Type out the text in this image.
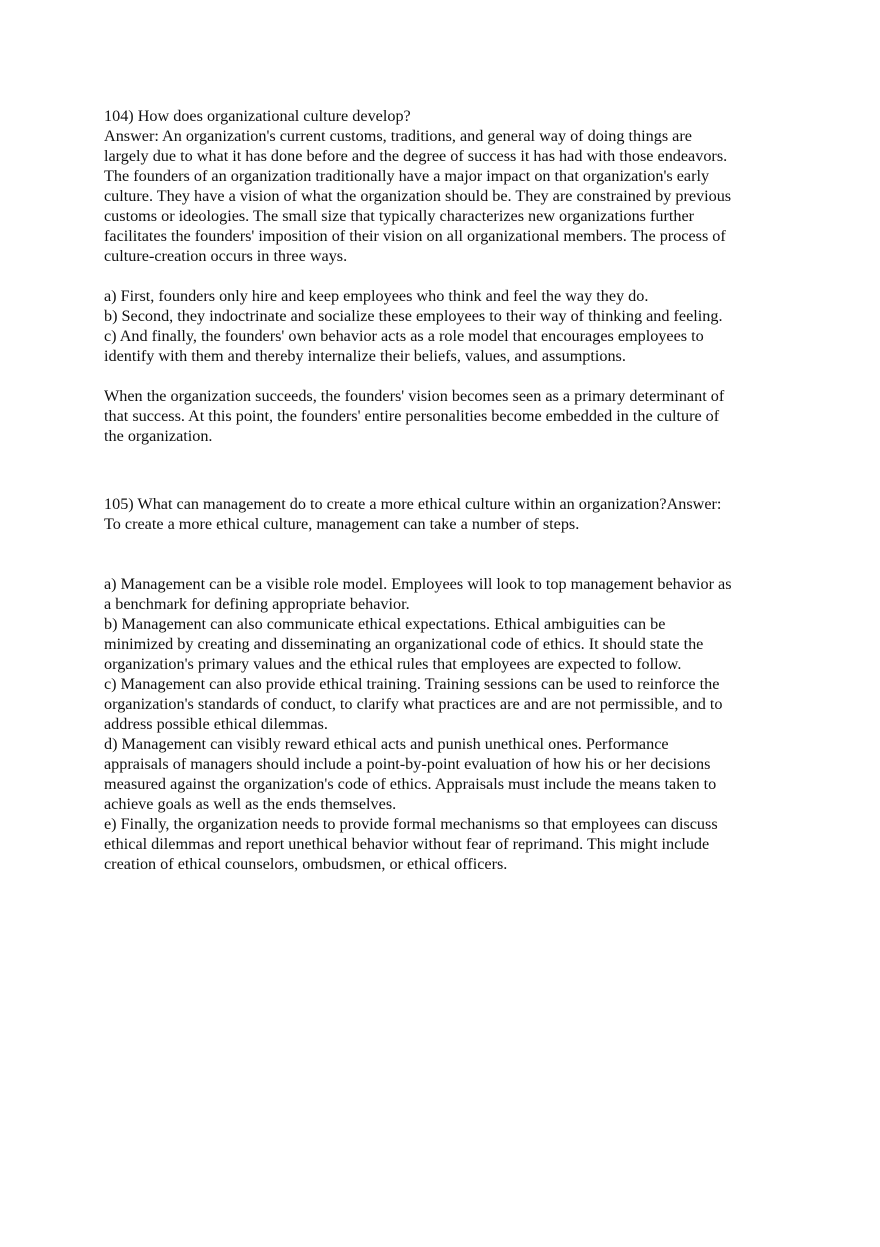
104) How does organizational culture develop?
Answer: An organization's current customs, traditions, and general way of doing things are
largely due to what it has done before and the degree of success it has had with those endeavors.
The founders of an organization traditionally have a major impact on that organization's early
culture. They have a vision of what the organization should be. They are constrained by previous
customs or ideologies. The small size that typically characterizes new organizations further
facilitates the founders' imposition of their vision on all organizational members. The process of
culture-creation occurs in three ways.
a) First, founders only hire and keep employees who think and feel the way they do.
b) Second, they indoctrinate and socialize these employees to their way of thinking and feeling.
c) And finally, the founders' own behavior acts as a role model that encourages employees to
identify with them and thereby internalize their beliefs, values, and assumptions.
When the organization succeeds, the founders' vision becomes seen as a primary determinant of
that success. At this point, the founders' entire personalities become embedded in the culture of
the organization.
105) What can management do to create a more ethical culture within an organization?Answer:
To create a more ethical culture, management can take a number of steps.
a) Management can be a visible role model. Employees will look to top management behavior as
a benchmark for defining appropriate behavior.
b) Management can also communicate ethical expectations. Ethical ambiguities can be
minimized by creating and disseminating an organizational code of ethics. It should state the
organization's primary values and the ethical rules that employees are expected to follow.
c) Management can also provide ethical training. Training sessions can be used to reinforce the
organization's standards of conduct, to clarify what practices are and are not permissible, and to
address possible ethical dilemmas.
d) Management can visibly reward ethical acts and punish unethical ones. Performance
appraisals of managers should include a point-by-point evaluation of how his or her decisions
measured against the organization's code of ethics. Appraisals must include the means taken to
achieve goals as well as the ends themselves.
e) Finally, the organization needs to provide formal mechanisms so that employees can discuss
ethical dilemmas and report unethical behavior without fear of reprimand. This might include
creation of ethical counselors, ombudsmen, or ethical officers.
